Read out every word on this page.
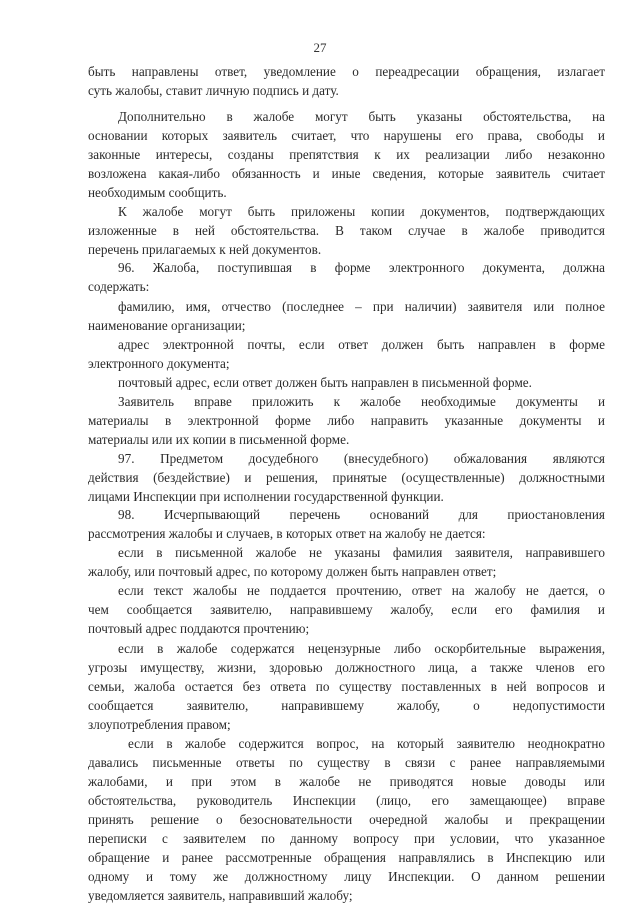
27
быть направлены ответ, уведомление о переадресации обращения, излагает
суть жалобы, ставит личную подпись и дату.
Дополнительно в жалобе могут быть указаны обстоятельства, на
основании которых заявитель считает, что нарушены его права, свободы и
законные интересы, созданы препятствия к их реализации либо незаконно
возложена какая-либо обязанность и иные сведения, которые заявитель считает
необходимым сообщить.
К жалобе могут быть приложены копии документов, подтверждающих
изложенные в ней обстоятельства. В таком случае в жалобе приводится
перечень прилагаемых к ней документов.
96. Жалоба, поступившая в форме электронного документа, должна
содержать:
фамилию, имя, отчество (последнее – при наличии) заявителя или полное
наименование организации;
адрес электронной почты, если ответ должен быть направлен в форме
электронного документа;
почтовый адрес, если ответ должен быть направлен в письменной форме.
Заявитель вправе приложить к жалобе необходимые документы и
материалы в электронной форме либо направить указанные документы и
материалы или их копии в письменной форме.
97. Предметом досудебного (внесудебного) обжалования являются
действия (бездействие) и решения, принятые (осуществленные) должностными
лицами Инспекции при исполнении государственной функции.
98. Исчерпывающий перечень оснований для приостановления
рассмотрения жалобы и случаев, в которых ответ на жалобу не дается:
если в письменной жалобе не указаны фамилия заявителя, направившего
жалобу, или почтовый адрес, по которому должен быть направлен ответ;
если текст жалобы не поддается прочтению, ответ на жалобу не дается, о
чем сообщается заявителю, направившему жалобу, если его фамилия и
почтовый адрес поддаются прочтению;
если в жалобе содержатся нецензурные либо оскорбительные выражения,
угрозы имуществу, жизни, здоровью должностного лица, а также членов его
семьи, жалоба остается без ответа по существу поставленных в ней вопросов и
сообщается заявителю, направившему жалобу, о недопустимости
злоупотребления правом;
если в жалобе содержится вопрос, на который заявителю неоднократно
давались письменные ответы по существу в связи с ранее направляемыми
жалобами, и при этом в жалобе не приводятся новые доводы или
обстоятельства, руководитель Инспекции (лицо, его замещающее) вправе
принять решение о безосновательности очередной жалобы и прекращении
переписки с заявителем по данному вопросу при условии, что указанное
обращение и ранее рассмотренные обращения направлялись в Инспекцию или
одному и тому же должностному лицу Инспекции. О данном решении
уведомляется заявитель, направивший жалобу;
